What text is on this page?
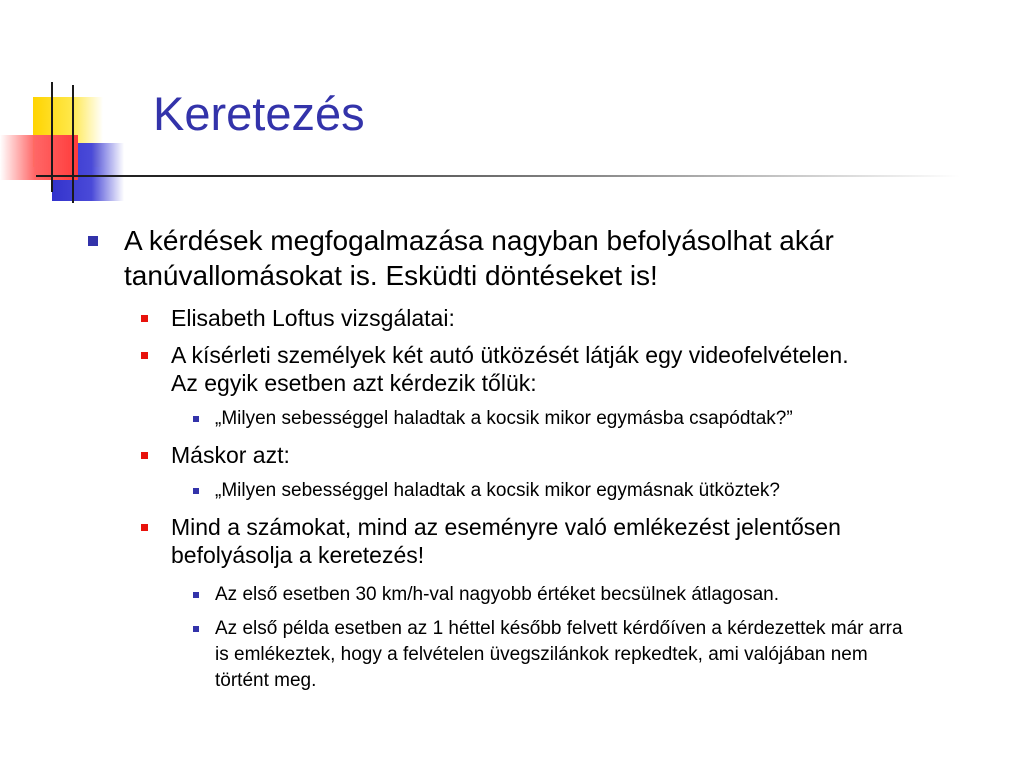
Keretezés
A kérdések megfogalmazása nagyban befolyásolhat akár tanúvallomásokat is. Esküdti döntéseket is!
Elisabeth Loftus vizsgálatai:
A kísérleti személyek két autó ütközését látják egy videofelvételen. Az egyik esetben azt kérdezik tőlük:
„Milyen sebességgel haladtak a kocsik mikor egymásba csapódtak?”
Máskor azt:
„Milyen sebességgel haladtak a kocsik mikor egymásnak ütköztek?
Mind a számokat, mind az eseményre való emlékezést jelentősen befolyásolja a keretezés!
Az első esetben 30 km/h-val nagyobb értéket becsülnek átlagosan.
Az első példa esetben az 1 héttel később felvett kérdőíven a kérdezettek már arra is emlékeztek, hogy a felvételen üvegszilánkok repkedtek, ami valójában nem történt meg.
